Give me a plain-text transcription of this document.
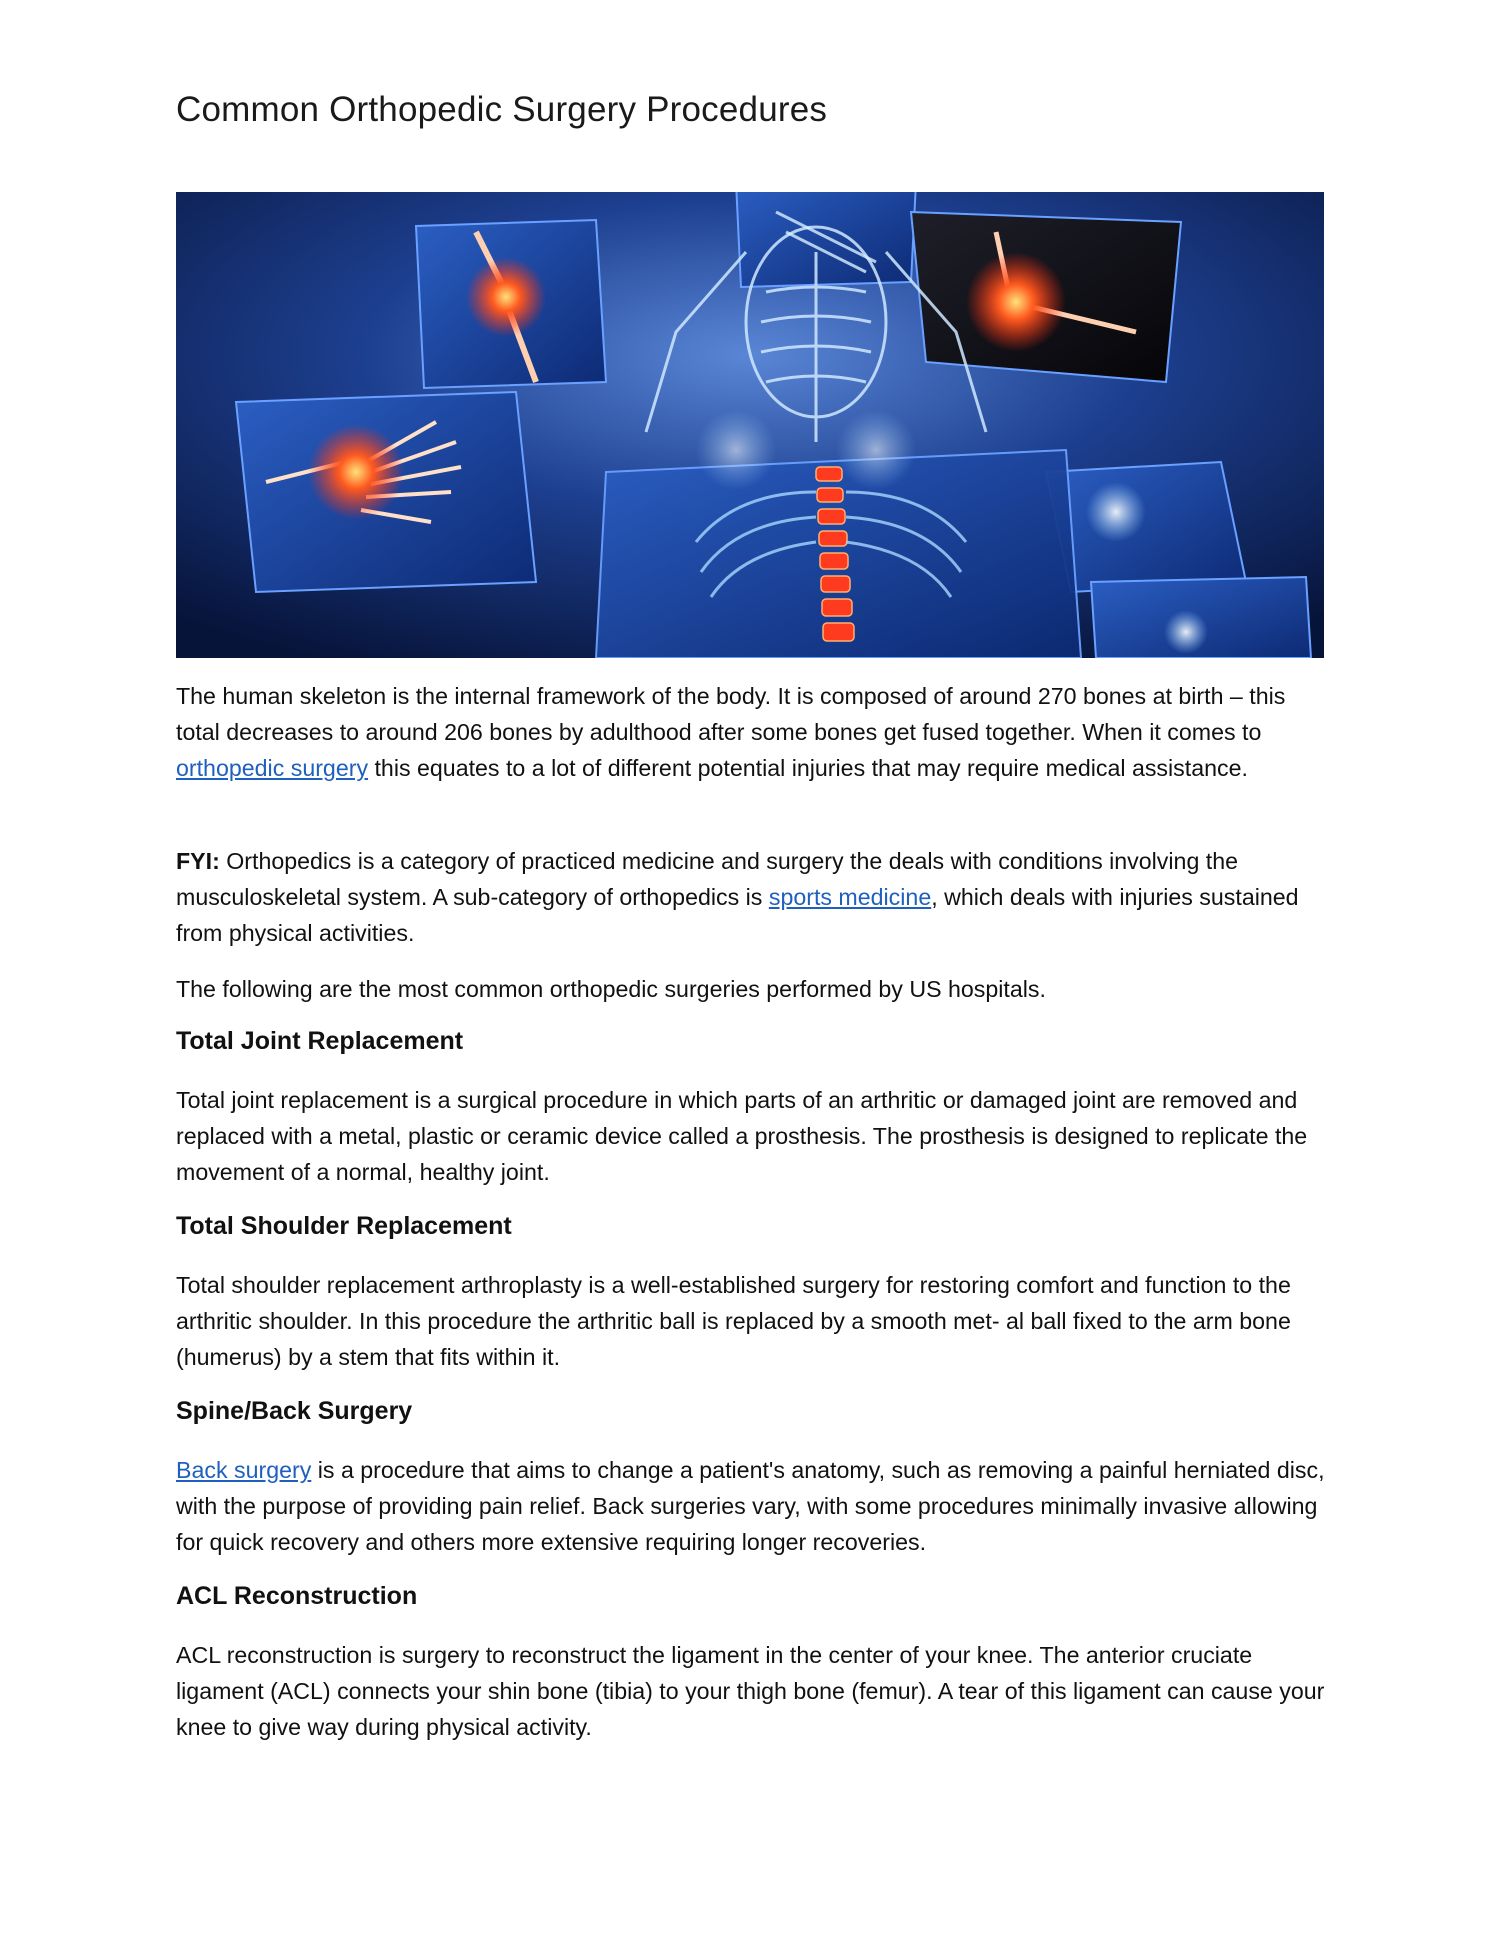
Common Orthopedic Surgery Procedures

The human skeleton is the internal framework of the body. It is composed of around 270 bones at birth – this total decreases to around 206 bones by adulthood after some bones get fused together. When it comes to orthopedic surgery this equates to a lot of different potential injuries that may require medical assistance.

FYI: Orthopedics is a category of practiced medicine and surgery the deals with conditions involving the musculoskeletal system. A sub-category of orthopedics is sports medicine, which deals with injuries sustained from physical activities.

The following are the most common orthopedic surgeries performed by US hospitals.

Total Joint Replacement

Total joint replacement is a surgical procedure in which parts of an arthritic or damaged joint are removed and replaced with a metal, plastic or ceramic device called a prosthesis. The prosthesis is designed to replicate the movement of a normal, healthy joint.

Total Shoulder Replacement

Total shoulder replacement arthroplasty is a well-established surgery for restoring comfort and function to the arthritic shoulder. In this procedure the arthritic ball is replaced by a smooth met- al ball fixed to the arm bone (humerus) by a stem that fits within it.

Spine/Back Surgery

Back surgery is a procedure that aims to change a patient's anatomy, such as removing a painful herniated disc, with the purpose of providing pain relief. Back surgeries vary, with some procedures minimally invasive allowing for quick recovery and others more extensive requiring longer recoveries.

ACL Reconstruction

ACL reconstruction is surgery to reconstruct the ligament in the center of your knee. The anterior cruciate ligament (ACL) connects your shin bone (tibia) to your thigh bone (femur). A tear of this ligament can cause your knee to give way during physical activity.
